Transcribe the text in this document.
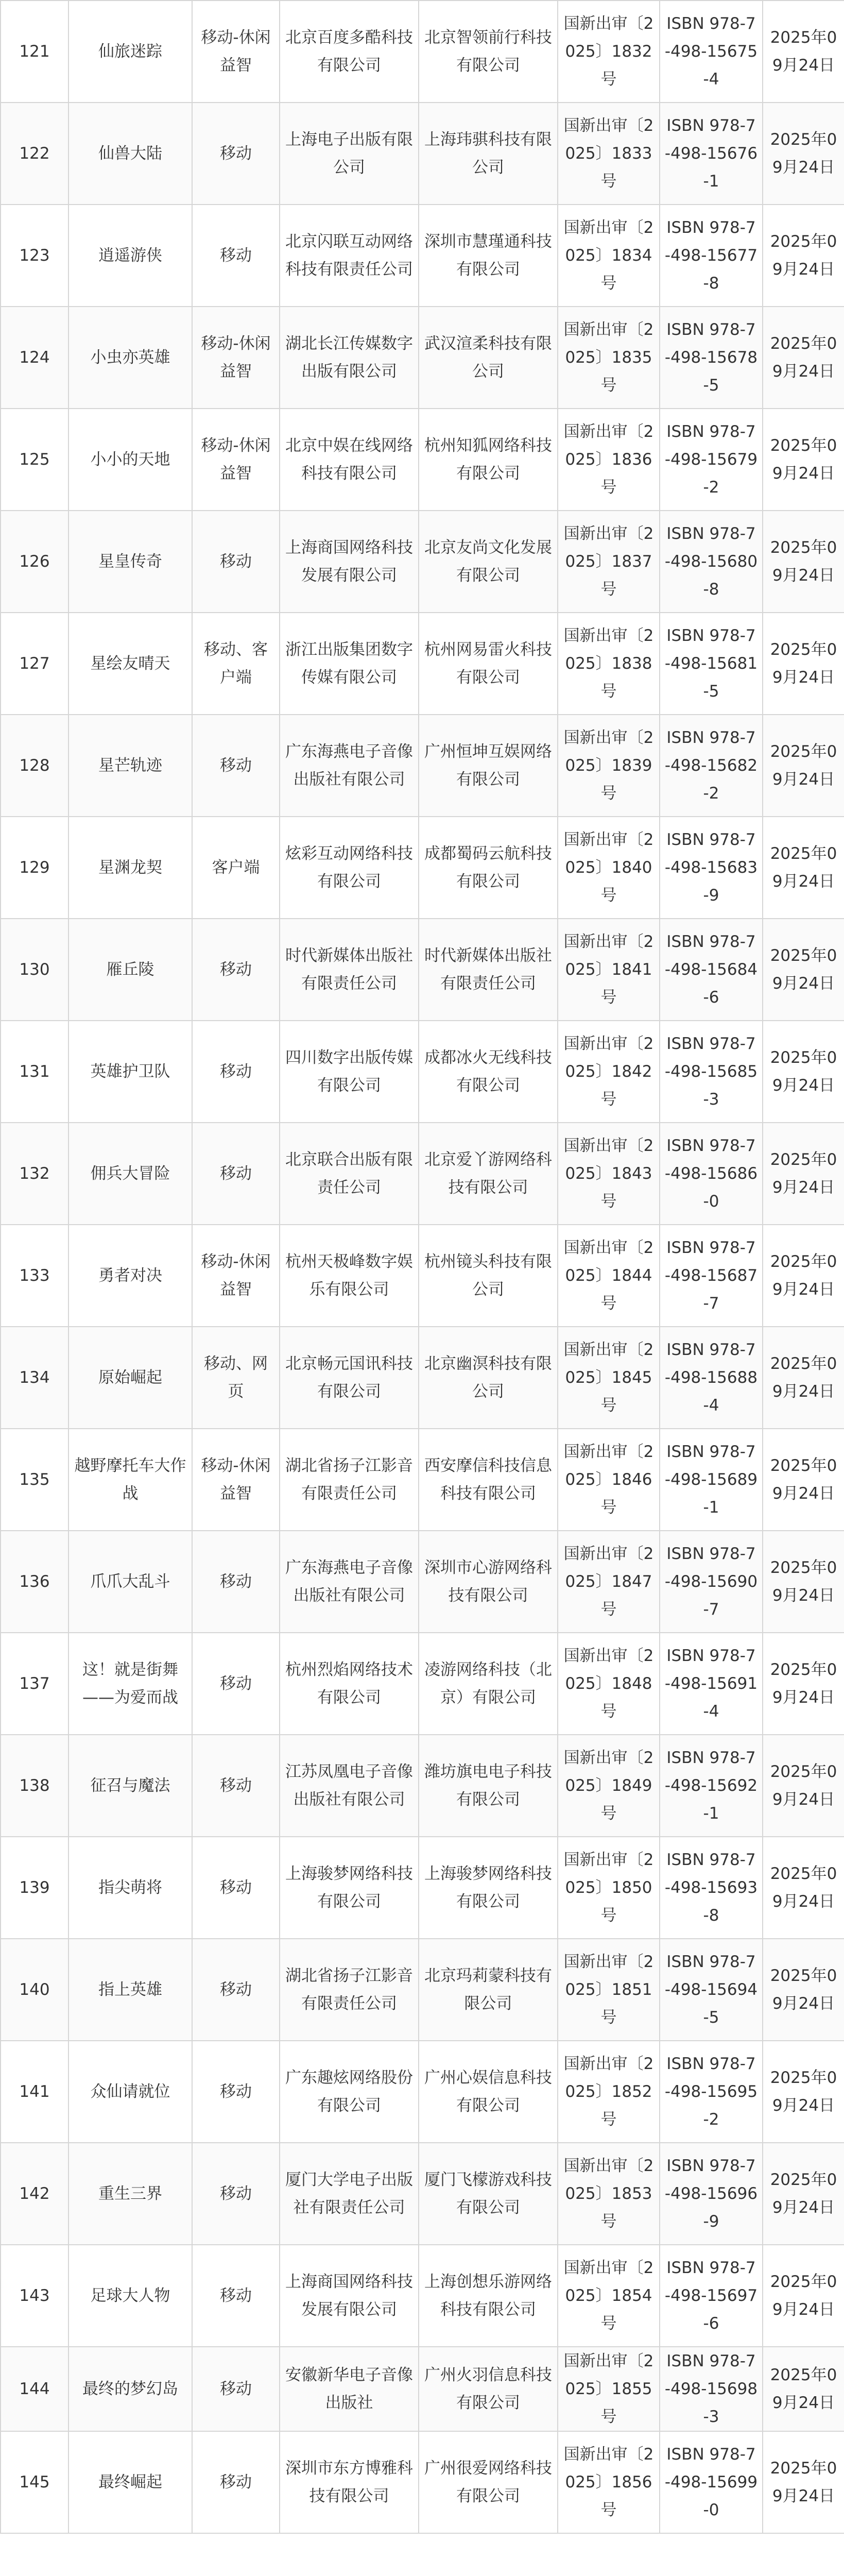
121	仙旅迷踪	移动-休闲益智	北京百度多酷科技有限公司	北京智领前行科技有限公司	国新出审〔2025〕1832号	ISBN 978-7-498-15675-4	2025年09月24日
122	仙兽大陆	移动	上海电子出版有限公司	上海玮骐科技有限公司	国新出审〔2025〕1833号	ISBN 978-7-498-15676-1	2025年09月24日
123	逍遥游侠	移动	北京闪联互动网络科技有限责任公司	深圳市慧瑾通科技有限公司	国新出审〔2025〕1834号	ISBN 978-7-498-15677-8	2025年09月24日
124	小虫亦英雄	移动-休闲益智	湖北长江传媒数字出版有限公司	武汉渲柔科技有限公司	国新出审〔2025〕1835号	ISBN 978-7-498-15678-5	2025年09月24日
125	小小的天地	移动-休闲益智	北京中娱在线网络科技有限公司	杭州知狐网络科技有限公司	国新出审〔2025〕1836号	ISBN 978-7-498-15679-2	2025年09月24日
126	星皇传奇	移动	上海商国网络科技发展有限公司	北京友尚文化发展有限公司	国新出审〔2025〕1837号	ISBN 978-7-498-15680-8	2025年09月24日
127	星绘友晴天	移动、客户端	浙江出版集团数字传媒有限公司	杭州网易雷火科技有限公司	国新出审〔2025〕1838号	ISBN 978-7-498-15681-5	2025年09月24日
128	星芒轨迹	移动	广东海燕电子音像出版社有限公司	广州恒坤互娱网络有限公司	国新出审〔2025〕1839号	ISBN 978-7-498-15682-2	2025年09月24日
129	星渊龙契	客户端	炫彩互动网络科技有限公司	成都蜀码云航科技有限公司	国新出审〔2025〕1840号	ISBN 978-7-498-15683-9	2025年09月24日
130	雁丘陵	移动	时代新媒体出版社有限责任公司	时代新媒体出版社有限责任公司	国新出审〔2025〕1841号	ISBN 978-7-498-15684-6	2025年09月24日
131	英雄护卫队	移动	四川数字出版传媒有限公司	成都冰火无线科技有限公司	国新出审〔2025〕1842号	ISBN 978-7-498-15685-3	2025年09月24日
132	佣兵大冒险	移动	北京联合出版有限责任公司	北京爱丫游网络科技有限公司	国新出审〔2025〕1843号	ISBN 978-7-498-15686-0	2025年09月24日
133	勇者对决	移动-休闲益智	杭州天极峰数字娱乐有限公司	杭州镜头科技有限公司	国新出审〔2025〕1844号	ISBN 978-7-498-15687-7	2025年09月24日
134	原始崛起	移动、网页	北京畅元国讯科技有限公司	北京幽溟科技有限公司	国新出审〔2025〕1845号	ISBN 978-7-498-15688-4	2025年09月24日
135	越野摩托车大作战	移动-休闲益智	湖北省扬子江影音有限责任公司	西安摩信科技信息科技有限公司	国新出审〔2025〕1846号	ISBN 978-7-498-15689-1	2025年09月24日
136	爪爪大乱斗	移动	广东海燕电子音像出版社有限公司	深圳市心游网络科技有限公司	国新出审〔2025〕1847号	ISBN 978-7-498-15690-7	2025年09月24日
137	这！就是街舞——为爱而战	移动	杭州烈焰网络技术有限公司	凌游网络科技（北京）有限公司	国新出审〔2025〕1848号	ISBN 978-7-498-15691-4	2025年09月24日
138	征召与魔法	移动	江苏凤凰电子音像出版社有限公司	潍坊旗电电子科技有限公司	国新出审〔2025〕1849号	ISBN 978-7-498-15692-1	2025年09月24日
139	指尖萌将	移动	上海骏梦网络科技有限公司	上海骏梦网络科技有限公司	国新出审〔2025〕1850号	ISBN 978-7-498-15693-8	2025年09月24日
140	指上英雄	移动	湖北省扬子江影音有限责任公司	北京玛莉蒙科技有限公司	国新出审〔2025〕1851号	ISBN 978-7-498-15694-5	2025年09月24日
141	众仙请就位	移动	广东趣炫网络股份有限公司	广州心娱信息科技有限公司	国新出审〔2025〕1852号	ISBN 978-7-498-15695-2	2025年09月24日
142	重生三界	移动	厦门大学电子出版社有限责任公司	厦门飞檬游戏科技有限公司	国新出审〔2025〕1853号	ISBN 978-7-498-15696-9	2025年09月24日
143	足球大人物	移动	上海商国网络科技发展有限公司	上海创想乐游网络科技有限公司	国新出审〔2025〕1854号	ISBN 978-7-498-15697-6	2025年09月24日
144	最终的梦幻岛	移动	安徽新华电子音像出版社	广州火羽信息科技有限公司	国新出审〔2025〕1855号	ISBN 978-7-498-15698-3	2025年09月24日
145	最终崛起	移动	深圳市东方博雅科技有限公司	广州很爱网络科技有限公司	国新出审〔2025〕1856号	ISBN 978-7-498-15699-0	2025年09月24日
